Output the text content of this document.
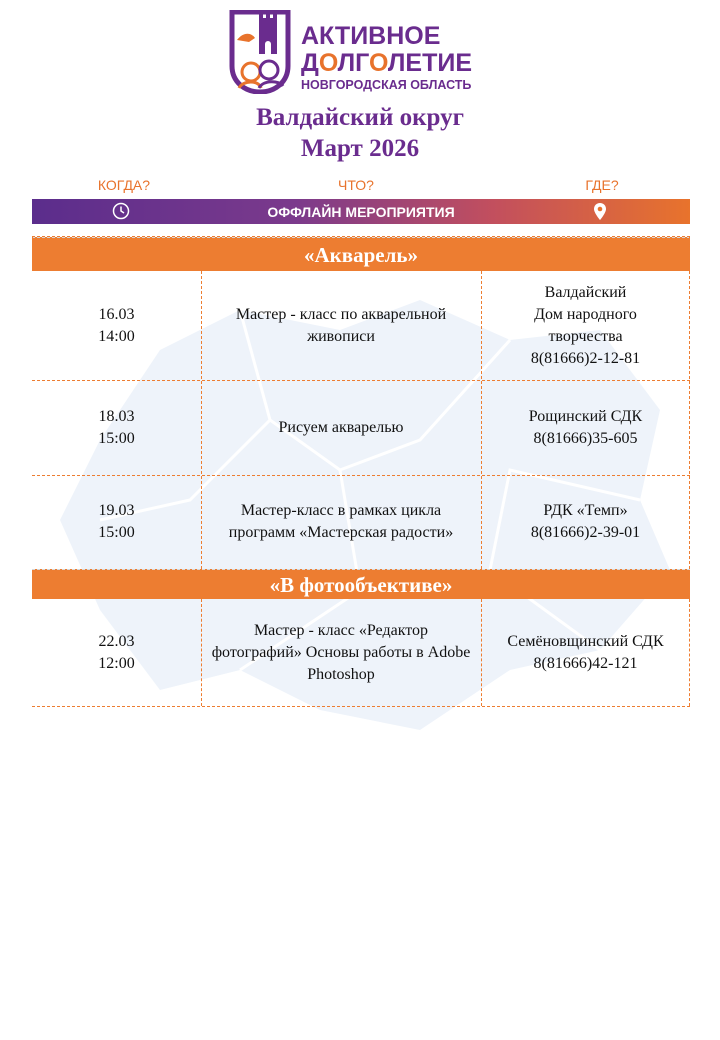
АКТИВНОЕ
ДОЛГОЛЕТИЕ
НОВГОРОДСКАЯ ОБЛАСТЬ
Валдайский округ
Март 2026
КОГДА?	ЧТО?	ГДЕ?
ОФФЛАЙН МЕРОПРИЯТИЯ
«Акварель»
16.03
14:00
Мастер - класс по акварельной живописи
Валдайский
Дом народного
творчества
8(81666)2-12-81
18.03
15:00
Рисуем акварелью
Рощинский СДК
8(81666)35-605
19.03
15:00
Мастер-класс в рамках цикла программ «Мастерская радости»
РДК «Темп»
8(81666)2-39-01
«В фотообъективе»
22.03
12:00
Мастер - класс «Редактор фотографий» Основы работы в Adobe Photoshop
Семёновщинский СДК
8(81666)42-121
